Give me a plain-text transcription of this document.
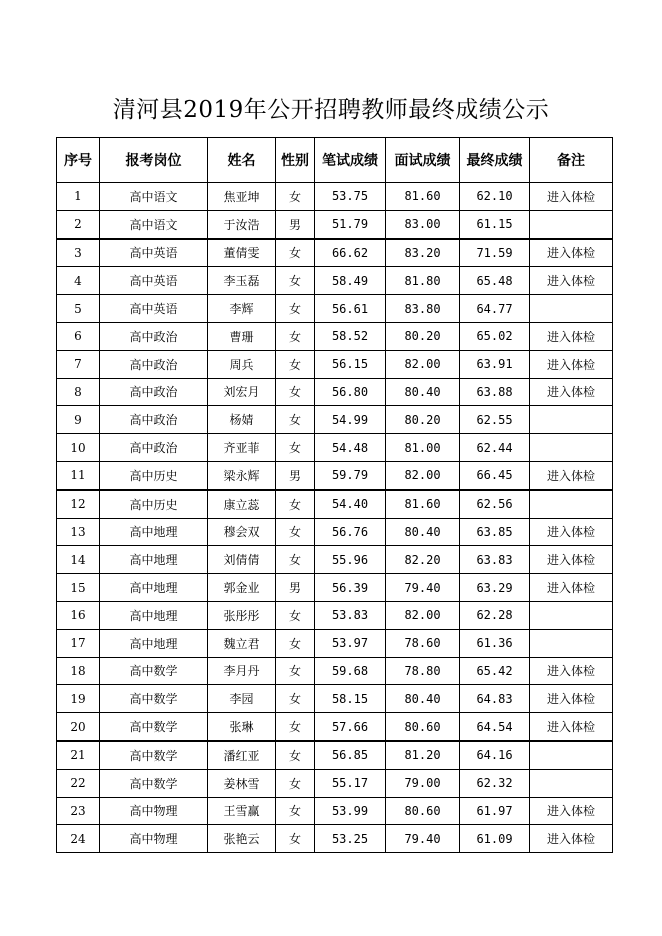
清河县2019年公开招聘教师最终成绩公示
序号	报考岗位	姓名	性别	笔试成绩	面试成绩	最终成绩	备注
1	高中语文	焦亚坤	女	53.75	81.60	62.10	进入体检
2	高中语文	于汝浩	男	51.79	83.00	61.15	
3	高中英语	董倩雯	女	66.62	83.20	71.59	进入体检
4	高中英语	李玉磊	女	58.49	81.80	65.48	进入体检
5	高中英语	李辉	女	56.61	83.80	64.77	
6	高中政治	曹珊	女	58.52	80.20	65.02	进入体检
7	高中政治	周兵	女	56.15	82.00	63.91	进入体检
8	高中政治	刘宏月	女	56.80	80.40	63.88	进入体检
9	高中政治	杨婧	女	54.99	80.20	62.55	
10	高中政治	齐亚菲	女	54.48	81.00	62.44	
11	高中历史	梁永辉	男	59.79	82.00	66.45	进入体检
12	高中历史	康立蕊	女	54.40	81.60	62.56	
13	高中地理	穆会双	女	56.76	80.40	63.85	进入体检
14	高中地理	刘倩倩	女	55.96	82.20	63.83	进入体检
15	高中地理	郭金业	男	56.39	79.40	63.29	进入体检
16	高中地理	张彤彤	女	53.83	82.00	62.28	
17	高中地理	魏立君	女	53.97	78.60	61.36	
18	高中数学	李月丹	女	59.68	78.80	65.42	进入体检
19	高中数学	李园	女	58.15	80.40	64.83	进入体检
20	高中数学	张琳	女	57.66	80.60	64.54	进入体检
21	高中数学	潘红亚	女	56.85	81.20	64.16	
22	高中数学	姜林雪	女	55.17	79.00	62.32	
23	高中物理	王雪赢	女	53.99	80.60	61.97	进入体检
24	高中物理	张艳云	女	53.25	79.40	61.09	进入体检
